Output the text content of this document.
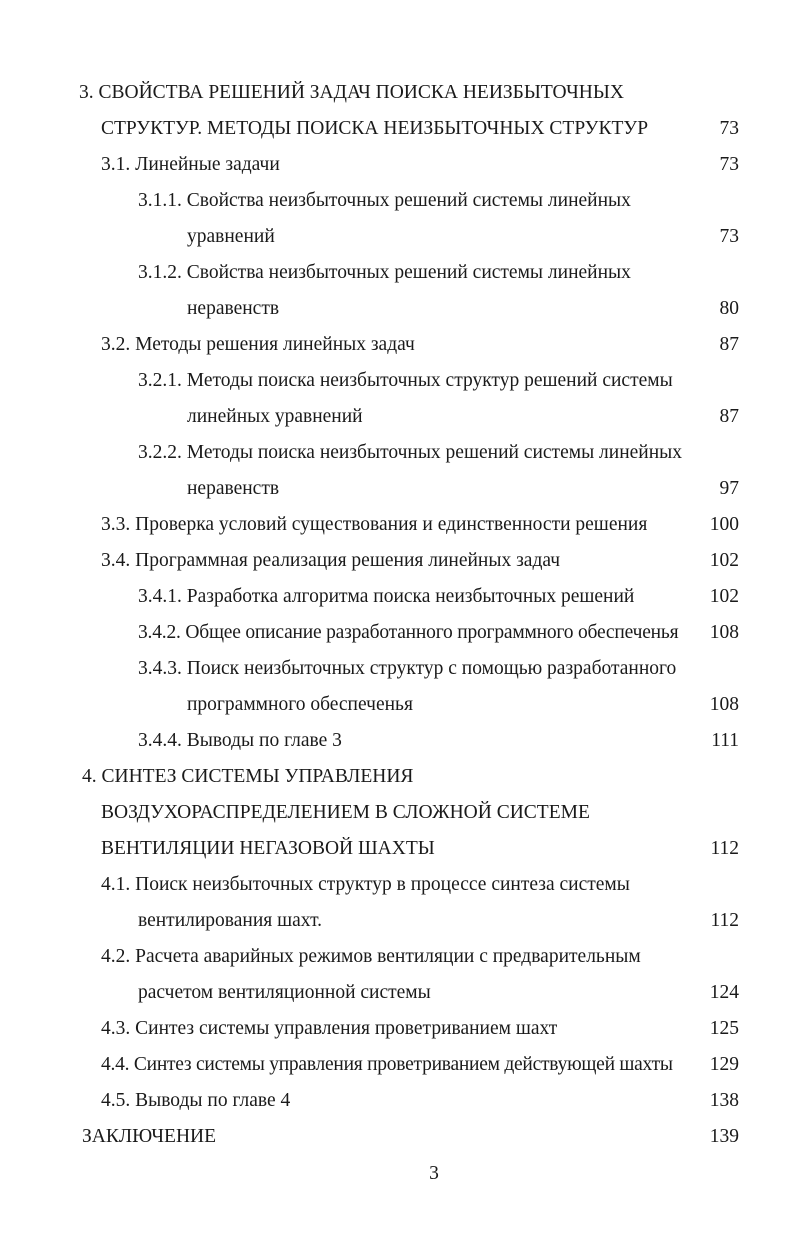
3. СВОЙСТВА РЕШЕНИЙ ЗАДАЧ ПОИСКА НЕИЗБЫТОЧНЫХ
СТРУКТУР. МЕТОДЫ ПОИСКА НЕИЗБЫТОЧНЫХ СТРУКТУР	73
3.1. Линейные задачи	73
3.1.1. Свойства неизбыточных решений системы линейных
уравнений	73
3.1.2. Свойства неизбыточных решений системы линейных
неравенств	80
3.2. Методы решения линейных задач	87
3.2.1. Методы поиска неизбыточных структур решений системы
линейных уравнений	87
3.2.2. Методы поиска неизбыточных решений системы линейных
неравенств	97
3.3. Проверка условий существования и единственности решения	100
3.4. Программная реализация решения линейных задач	102
3.4.1. Разработка алгоритма поиска неизбыточных решений	102
3.4.2. Общее описание разработанного программного обеспеченья 108
3.4.3. Поиск неизбыточных структур с помощью разработанного
программного обеспеченья	108
3.4.4. Выводы по главе 3	111
4. СИНТЕЗ СИСТЕМЫ УПРАВЛЕНИЯ
ВОЗДУХОРАСПРЕДЕЛЕНИЕМ В СЛОЖНОЙ СИСТЕМЕ
ВЕНТИЛЯЦИИ НЕГАЗОВОЙ ШАХТЫ	112
4.1. Поиск неизбыточных структур в процессе синтеза системы
вентилирования шахт.	112
4.2. Расчета аварийных режимов вентиляции с предварительным
расчетом вентиляционной системы	124
4.3. Синтез системы управления проветриванием шахт	125
4.4. Синтез системы управления проветриванием действующей шахты 129
4.5. Выводы по главе 4	138
ЗАКЛЮЧЕНИЕ	139
3
